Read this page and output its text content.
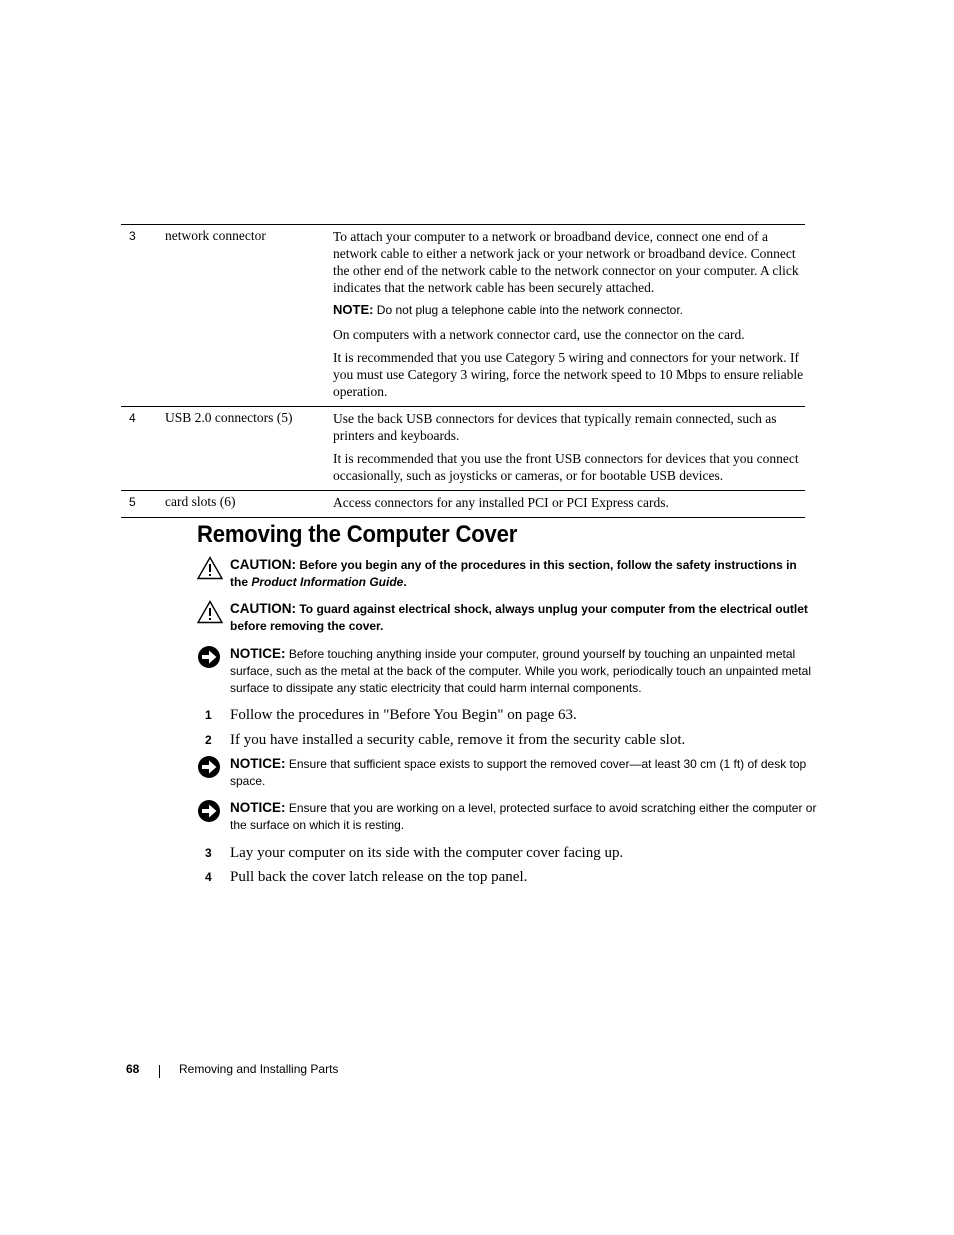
3	network connector	To attach your computer to a network or broadband device, connect one end of a network cable to either a network jack or your network or broadband device. Connect the other end of the network cable to the network connector on your computer. A click indicates that the network cable has been securely attached.

NOTE: Do not plug a telephone cable into the network connector.

On computers with a network connector card, use the connector on the card.

It is recommended that you use Category 5 wiring and connectors for your network. If you must use Category 3 wiring, force the network speed to 10 Mbps to ensure reliable operation.

4	USB 2.0 connectors (5)	Use the back USB connectors for devices that typically remain connected, such as printers and keyboards.

It is recommended that you use the front USB connectors for devices that you connect occasionally, such as joysticks or cameras, or for bootable USB devices.

5	card slots (6)	Access connectors for any installed PCI or PCI Express cards.

Removing the Computer Cover
CAUTION: Before you begin any of the procedures in this section, follow the safety instructions in the Product Information Guide.
CAUTION: To guard against electrical shock, always unplug your computer from the electrical outlet before removing the cover.
NOTICE: Before touching anything inside your computer, ground yourself by touching an unpainted metal surface, such as the metal at the back of the computer. While you work, periodically touch an unpainted metal surface to dissipate any static electricity that could harm internal components.
1 Follow the procedures in "Before You Begin" on page 63.
2 If you have installed a security cable, remove it from the security cable slot.
NOTICE: Ensure that sufficient space exists to support the removed cover—at least 30 cm (1 ft) of desk top space.
NOTICE: Ensure that you are working on a level, protected surface to avoid scratching either the computer or the surface on which it is resting.
3 Lay your computer on its side with the computer cover facing up.
4 Pull back the cover latch release on the top panel.
68	Removing and Installing Parts
